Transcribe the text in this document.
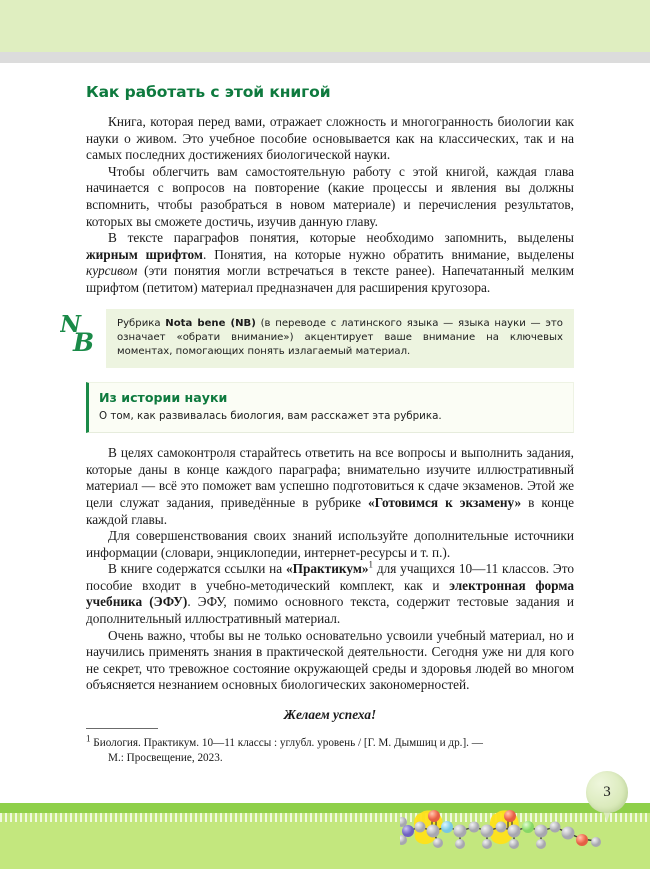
Как работать с этой книгой

Книга, которая перед вами, отражает сложность и многогранность биологии как науки о живом. Это учебное пособие основывается как на классических, так и на самых последних достижениях биологической науки.

Чтобы облегчить вам самостоятельную работу с этой книгой, каждая глава начинается с вопросов на повторение (какие процессы и явления вы должны вспомнить, чтобы разобраться в новом материале) и перечисления результатов, которых вы сможете достичь, изучив данную главу.

В тексте параграфов понятия, которые необходимо запомнить, выделены жирным шрифтом. Понятия, на которые нужно обратить внимание, выделены курсивом (эти понятия могли встречаться в тексте ранее). Напечатанный мелким шрифтом (петитом) материал предназначен для расширения кругозора.

N
B

Рубрика Nota bene (NB) (в переводе с латинского языка — языка науки — это означает «обрати внимание») акцентирует ваше внимание на ключевых моментах, помогающих понять излагаемый материал.

Из истории науки

О том, как развивалась биология, вам расскажет эта рубрика.

В целях самоконтроля старайтесь ответить на все вопросы и выполнить задания, которые даны в конце каждого параграфа; внимательно изучите иллюстративный материал — всё это поможет вам успешно подготовиться к сдаче экзаменов. Этой же цели служат задания, приведённые в рубрике «Готовимся к экзамену» в конце каждой главы.

Для совершенствования своих знаний используйте дополнительные источники информации (словари, энциклопедии, интернет-ресурсы и т. п.).

В книге содержатся ссылки на «Практикум»$^1$ для учащихся 10—11 классов. Это пособие входит в учебно-методический комплект, как и электронная форма учебника (ЭФУ). ЭФУ, помимо основного текста, содержит тестовые задания и дополнительный иллюстративный материал.

Очень важно, чтобы вы не только основательно усвоили учебный материал, но и научились применять знания в практической деятельности. Сегодня уже ни для кого не секрет, что тревожное состояние окружающей среды и здоровья людей во многом объясняется незнанием основных биологических закономерностей.

Желаем успеха!

$^1$ Биология. Практикум. 10—11 классы : углубл. уровень / [Г. М. Дымшиц и др.]. —
М.: Просвещение, 2023.

3
